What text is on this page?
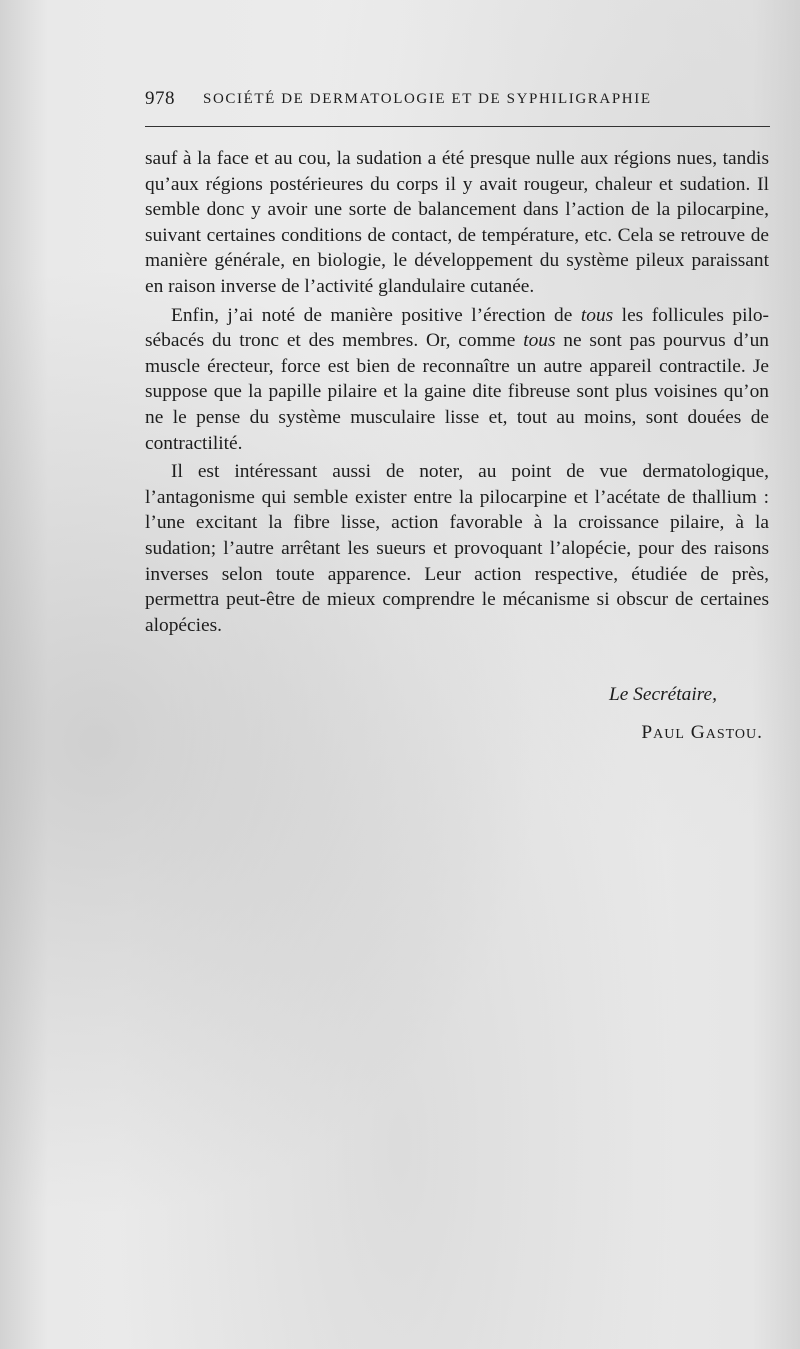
978 SOCIÉTÉ DE DERMATOLOGIE ET DE SYPHILIGRAPHIE

sauf à la face et au cou, la sudation a été presque nulle aux régions nues, tandis qu’aux régions postérieures du corps il y avait rougeur, chaleur et sudation. Il semble donc y avoir une sorte de balancement dans l’action de la pilocarpine, suivant certaines conditions de contact, de température, etc. Cela se retrouve de manière générale, en biologie, le développement du système pileux paraissant en raison inverse de l’activité glandulaire cutanée.

Enfin, j’ai noté de manière positive l’érection de tous les follicules pilo-sébacés du tronc et des membres. Or, comme tous ne sont pas pourvus d’un muscle érecteur, force est bien de reconnaître un autre appareil contractile. Je suppose que la papille pilaire et la gaine dite fibreuse sont plus voisines qu’on ne le pense du système musculaire lisse et, tout au moins, sont douées de contractilité.

Il est intéressant aussi de noter, au point de vue dermatologique, l’antagonisme qui semble exister entre la pilocarpine et l’acétate de thallium : l’une excitant la fibre lisse, action favorable à la croissance pilaire, à la sudation; l’autre arrêtant les sueurs et provoquant l’alopécie, pour des raisons inverses selon toute apparence. Leur action respective, étudiée de près, permettra peut-être de mieux comprendre le mécanisme si obscur de certaines alopécies.

Le Secrétaire,
Paul Gastou.
